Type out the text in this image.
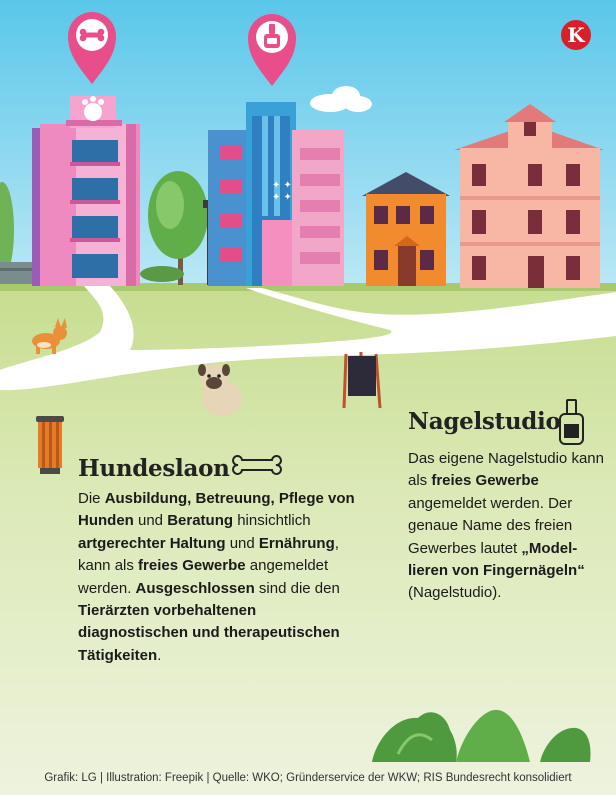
✦ ✦
✦ ✦
K
Hundeslaon
Die Ausbildung, Betreuung, Pflege von Hunden und Beratung hinsichtlich artgerechter Haltung und Ernährung, kann als freies Gewerbe angemeldet werden. Ausgeschlossen sind die den Tierärzten vorbehaltenen diagnostischen und therapeutischen Tätigkeiten.
Nagelstudio
Das eigene Nagelstudio kann als freies Gewerbe angemeldet werden. Der genaue Name des freien Gewerbes lautet „Model-lieren von Fingernägeln“ (Nagelstudio).
Grafik: LG | Illustration: Freepik | Quelle: WKO; Gründerservice der WKW; RIS Bundesrecht konsolidiert
